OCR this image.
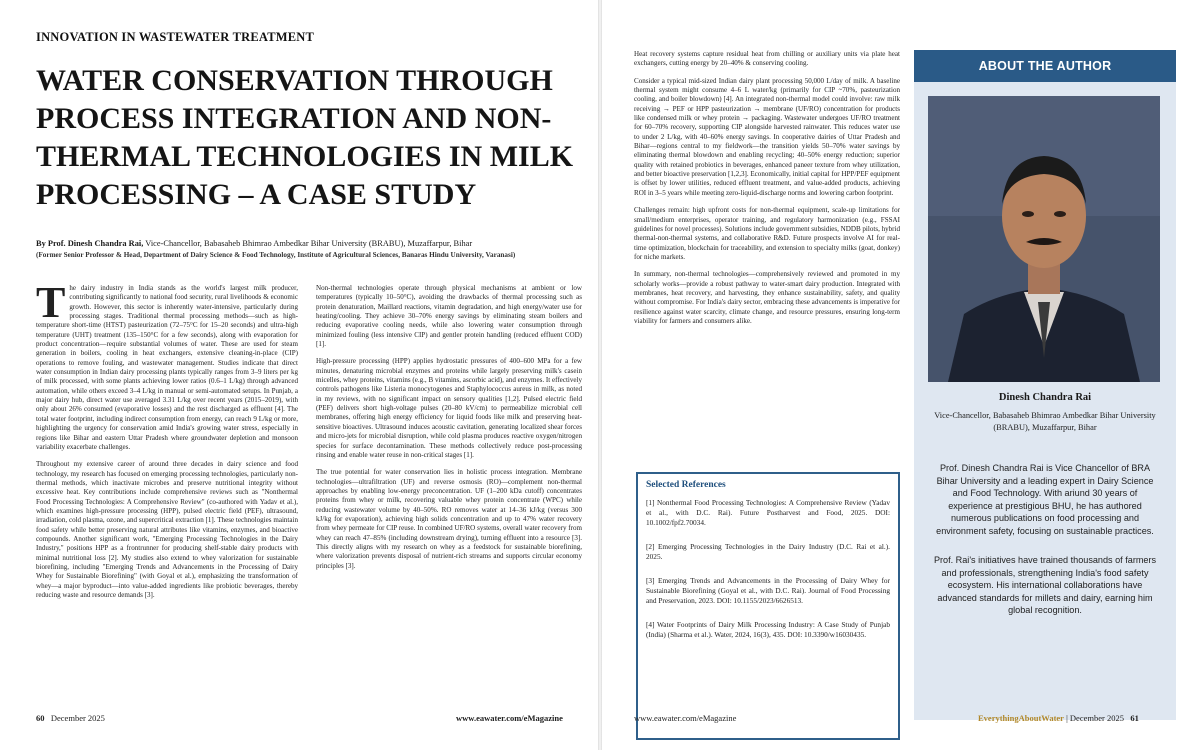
INNOVATION IN WASTEWATER TREATMENT
WATER CONSERVATION THROUGH PROCESS INTEGRATION AND NON-THERMAL TECHNOLOGIES IN MILK PROCESSING – A CASE STUDY
By Prof. Dinesh Chandra Rai, Vice-Chancellor, Babasaheb Bhimrao Ambedkar Bihar University (BRABU), Muzaffarpur, Bihar
(Former Senior Professor & Head, Department of Dairy Science & Food Technology, Institute of Agricultural Sciences, Banaras Hindu University, Varanasi)

The dairy industry in India stands as the world's largest milk producer, contributing significantly to national food security, rural livelihoods & economic growth. However, this sector is inherently water-intensive, particularly during processing stages. Traditional thermal processing methods—such as high-temperature short-time (HTST) pasteurization (72–75°C for 15–20 seconds) and ultra-high temperature (UHT) treatment (135–150°C for a few seconds), along with evaporation for product concentration—require substantial volumes of water. These are used for steam generation in boilers, cooling in heat exchangers, extensive cleaning-in-place (CIP) operations to remove fouling, and wastewater management. Studies indicate that direct water consumption in Indian dairy processing plants typically ranges from 3–9 liters per kg of milk processed, with some plants achieving lower ratios (0.6–1 L/kg) through advanced automation, while others exceed 3–4 L/kg in manual or semi-automated setups. In Punjab, a major dairy hub, direct water use averaged 3.31 L/kg over recent years (2015–2019), with only about 26% consumed (evaporative losses) and the rest discharged as effluent [4]. The total water footprint, including indirect consumption from energy, can reach 9 L/kg or more, highlighting the urgency for conservation amid India's growing water stress, especially in regions like Bihar and eastern Uttar Pradesh where groundwater depletion and monsoon variability exacerbate challenges.

Throughout my extensive career of around three decades in dairy science and food technology, my research has focused on emerging processing technologies, particularly non-thermal methods, which inactivate microbes and preserve nutritional integrity without excessive heat. Key contributions include comprehensive reviews such as "Nonthermal Food Processing Technologies: A Comprehensive Review" (co-authored with Yadav et al.), which examines high-pressure processing (HPP), pulsed electric field (PEF), ultrasound, irradiation, cold plasma, ozone, and supercritical extraction [1]. These technologies maintain food safety while better preserving natural attributes like vitamins, enzymes, and bioactive compounds. Another significant work, "Emerging Processing Technologies in the Dairy Industry," positions HPP as a frontrunner for producing shelf-stable dairy products with minimal nutritional loss [2]. My studies also extend to whey valorization for sustainable biorefining, including "Emerging Trends and Advancements in the Processing of Dairy Whey for Sustainable Biorefining" (with Goyal et al.), emphasizing the transformation of whey—a major byproduct—into value-added ingredients like probiotic beverages, thereby reducing waste and resource demands [3].

Non-thermal technologies operate through physical mechanisms at ambient or low temperatures (typically 10–50°C), avoiding the drawbacks of thermal processing such as protein denaturation, Maillard reactions, vitamin degradation, and high energy/water use for heating/cooling. They achieve 30–70% energy savings by eliminating steam boilers and reducing evaporative cooling needs, while also lowering water consumption through minimized fouling (less intensive CIP) and gentler protein handling (reduced effluent COD) [1].

High-pressure processing (HPP) applies hydrostatic pressures of 400–600 MPa for a few minutes, denaturing microbial enzymes and proteins while largely preserving milk's casein micelles, whey proteins, vitamins (e.g., B vitamins, ascorbic acid), and enzymes. It effectively controls pathogens like Listeria monocytogenes and Staphylococcus aureus in milk, as noted in my reviews, with no significant impact on sensory qualities [1,2]. Pulsed electric field (PEF) delivers short high-voltage pulses (20–80 kV/cm) to permeabilize microbial cell membranes, offering high energy efficiency for liquid foods like milk and preserving heat-sensitive bioactives. Ultrasound induces acoustic cavitation, generating localized shear forces and micro-jets for microbial disruption, while cold plasma produces reactive oxygen/nitrogen species for surface decontamination. These methods collectively reduce post-processing rinsing and enable water reuse in non-critical stages [1].

The true potential for water conservation lies in holistic process integration. Membrane technologies—ultrafiltration (UF) and reverse osmosis (RO)—complement non-thermal approaches by enabling low-energy preconcentration. UF (1–200 kDa cutoff) concentrates proteins from whey or milk, recovering valuable whey protein concentrate (WPC) while reducing wastewater volume by 40–50%. RO removes water at 14–36 kJ/kg (versus 300 kJ/kg for evaporation), achieving high solids concentration and up to 47% water recovery from whey permeate for CIP reuse. In combined UF/RO systems, overall water recovery from whey can reach 47–85% (including downstream drying), turning effluent into a resource [3]. This directly aligns with my research on whey as a feedstock for sustainable biorefining, where valorization prevents disposal of nutrient-rich streams and supports circular economy principles [3].

60 December 2025	www.eawater.com/eMagazine

Heat recovery systems capture residual heat from chilling or auxiliary units via plate heat exchangers, cutting energy by 20–40% & conserving cooling.

Consider a typical mid-sized Indian dairy plant processing 50,000 L/day of milk. A baseline thermal system might consume 4–6 L water/kg (primarily for CIP ~70%, pasteurization cooling, and boiler blowdown) [4]. An integrated non-thermal model could involve: raw milk receiving → PEF or HPP pasteurization → membrane (UF/RO) concentration for products like condensed milk or whey protein → packaging. Wastewater undergoes UF/RO treatment for 60–70% recovery, supporting CIP alongside harvested rainwater. This reduces water use to under 2 L/kg, with 40–60% energy savings. In cooperative dairies of Uttar Pradesh and Bihar—regions central to my fieldwork—the transition yields 50–70% water savings by eliminating thermal blowdown and enabling recycling; 40–50% energy reduction; superior quality with retained probiotics in beverages, enhanced paneer texture from whey utilization, and better bioactive preservation [1,2,3]. Economically, initial capital for HPP/PEF equipment is offset by lower utilities, reduced effluent treatment, and value-added products, achieving ROI in 3–5 years while meeting zero-liquid-discharge norms and lowering carbon footprint.

Challenges remain: high upfront costs for non-thermal equipment, scale-up limitations for small/medium enterprises, operator training, and regulatory harmonization (e.g., FSSAI guidelines for novel processes). Solutions include government subsidies, NDDB pilots, hybrid thermal-non-thermal systems, and collaborative R&D. Future prospects involve AI for real-time optimization, blockchain for traceability, and extension to specialty milks (goat, donkey) for niche markets.

In summary, non-thermal technologies—comprehensively reviewed and promoted in my scholarly works—provide a robust pathway to water-smart dairy production. Integrated with membranes, heat recovery, and harvesting, they enhance sustainability, safety, and quality without compromise. For India's dairy sector, embracing these advancements is imperative for resilience against water scarcity, climate change, and resource pressures, ensuring long-term viability for farmers and consumers alike.

Selected References
[1] Nonthermal Food Processing Technologies: A Comprehensive Review (Yadav et al., with D.C. Rai). Future Postharvest and Food, 2025. DOI: 10.1002/fpf2.70034.
[2] Emerging Processing Technologies in the Dairy Industry (D.C. Rai et al.). 2025.
[3] Emerging Trends and Advancements in the Processing of Dairy Whey for Sustainable Biorefining (Goyal et al., with D.C. Rai). Journal of Food Processing and Preservation, 2023. DOI: 10.1155/2023/6626513.
[4] Water Footprints of Dairy Milk Processing Industry: A Case Study of Punjab (India) (Sharma et al.). Water, 2024, 16(3), 435. DOI: 10.3390/w16030435.
ABOUT THE AUTHOR
Dinesh Chandra Rai
Vice-Chancellor, Babasaheb Bhimrao Ambedkar Bihar University (BRABU), Muzaffarpur, Bihar
Prof. Dinesh Chandra Rai is Vice Chancellor of BRA Bihar University and a leading expert in Dairy Science and Food Technology. With ariund 30 years of experience at prestigious BHU, he has authored numerous publications on food processing and environment safety, focusing on sustainable practices.
Prof. Rai's initiatives have trained thousands of farmers and professionals, strengthening India's food safety ecosystem. His international collaborations have advanced standards for millets and dairy, earning him global recognition.
www.eawater.com/eMagazine	EverythingAboutWater | December 2025 61
